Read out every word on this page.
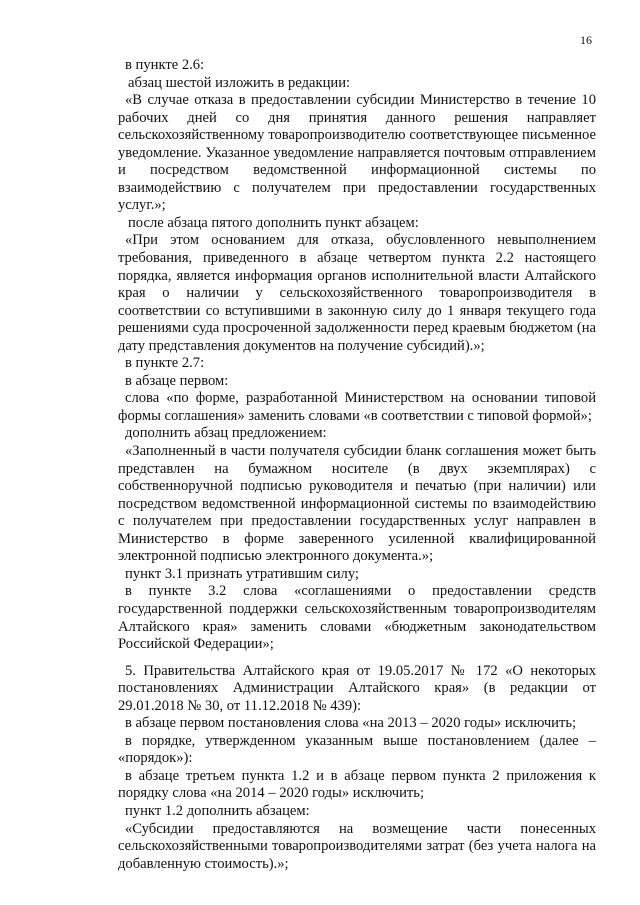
16

в пункте 2.6:

абзац шестой изложить в редакции:

«В случае отказа в предоставлении субсидии Министерство в течение 10 рабочих дней со дня принятия данного решения направляет сельскохозяйственному товаропроизводителю соответствующее письменное уведомление. Указанное уведомление направляется почтовым отправлением и посредством ведомственной информационной системы по взаимодействию с получателем при предоставлении государственных услуг.»;

после абзаца пятого дополнить пункт абзацем:

«При этом основанием для отказа, обусловленного невыполнением требования, приведенного в абзаце четвертом пункта 2.2 настоящего порядка, является информация органов исполнительной власти Алтайского края о наличии у сельскохозяйственного товаропроизводителя в соответствии со вступившими в законную силу до 1 января текущего года решениями суда просроченной задолженности перед краевым бюджетом (на дату представления документов на получение субсидий).»;

в пункте 2.7:

в абзаце первом:

слова «по форме, разработанной Министерством на основании типовой формы соглашения» заменить словами «в соответствии с типовой формой»;

дополнить абзац предложением:

«Заполненный в части получателя субсидии бланк соглашения может быть представлен на бумажном носителе (в двух экземплярах) с собственноручной подписью руководителя и печатью (при наличии) или посредством ведомственной информационной системы по взаимодействию с получателем при предоставлении государственных услуг направлен в Министерство в форме заверенного усиленной квалифицированной электронной подписью электронного документа.»;

пункт 3.1 признать утратившим силу;

в пункте 3.2 слова «соглашениями о предоставлении средств государственной поддержки сельскохозяйственным товаропроизводителям Алтайского края» заменить словами «бюджетным законодательством Российской Федерации»;

5. Правительства Алтайского края от 19.05.2017 № 172 «О некоторых постановлениях Администрации Алтайского края» (в редакции от 29.01.2018 № 30, от 11.12.2018 № 439):

в абзаце первом постановления слова «на 2013 – 2020 годы» исключить;

в порядке, утвержденном указанным выше постановлением (далее – «порядок»):

в абзаце третьем пункта 1.2 и в абзаце первом пункта 2 приложения к порядку слова «на 2014 – 2020 годы» исключить;

пункт 1.2 дополнить абзацем:

«Субсидии предоставляются на возмещение части понесенных сельскохозяйственными товаропроизводителями затрат (без учета налога на добавленную стоимость).»;
